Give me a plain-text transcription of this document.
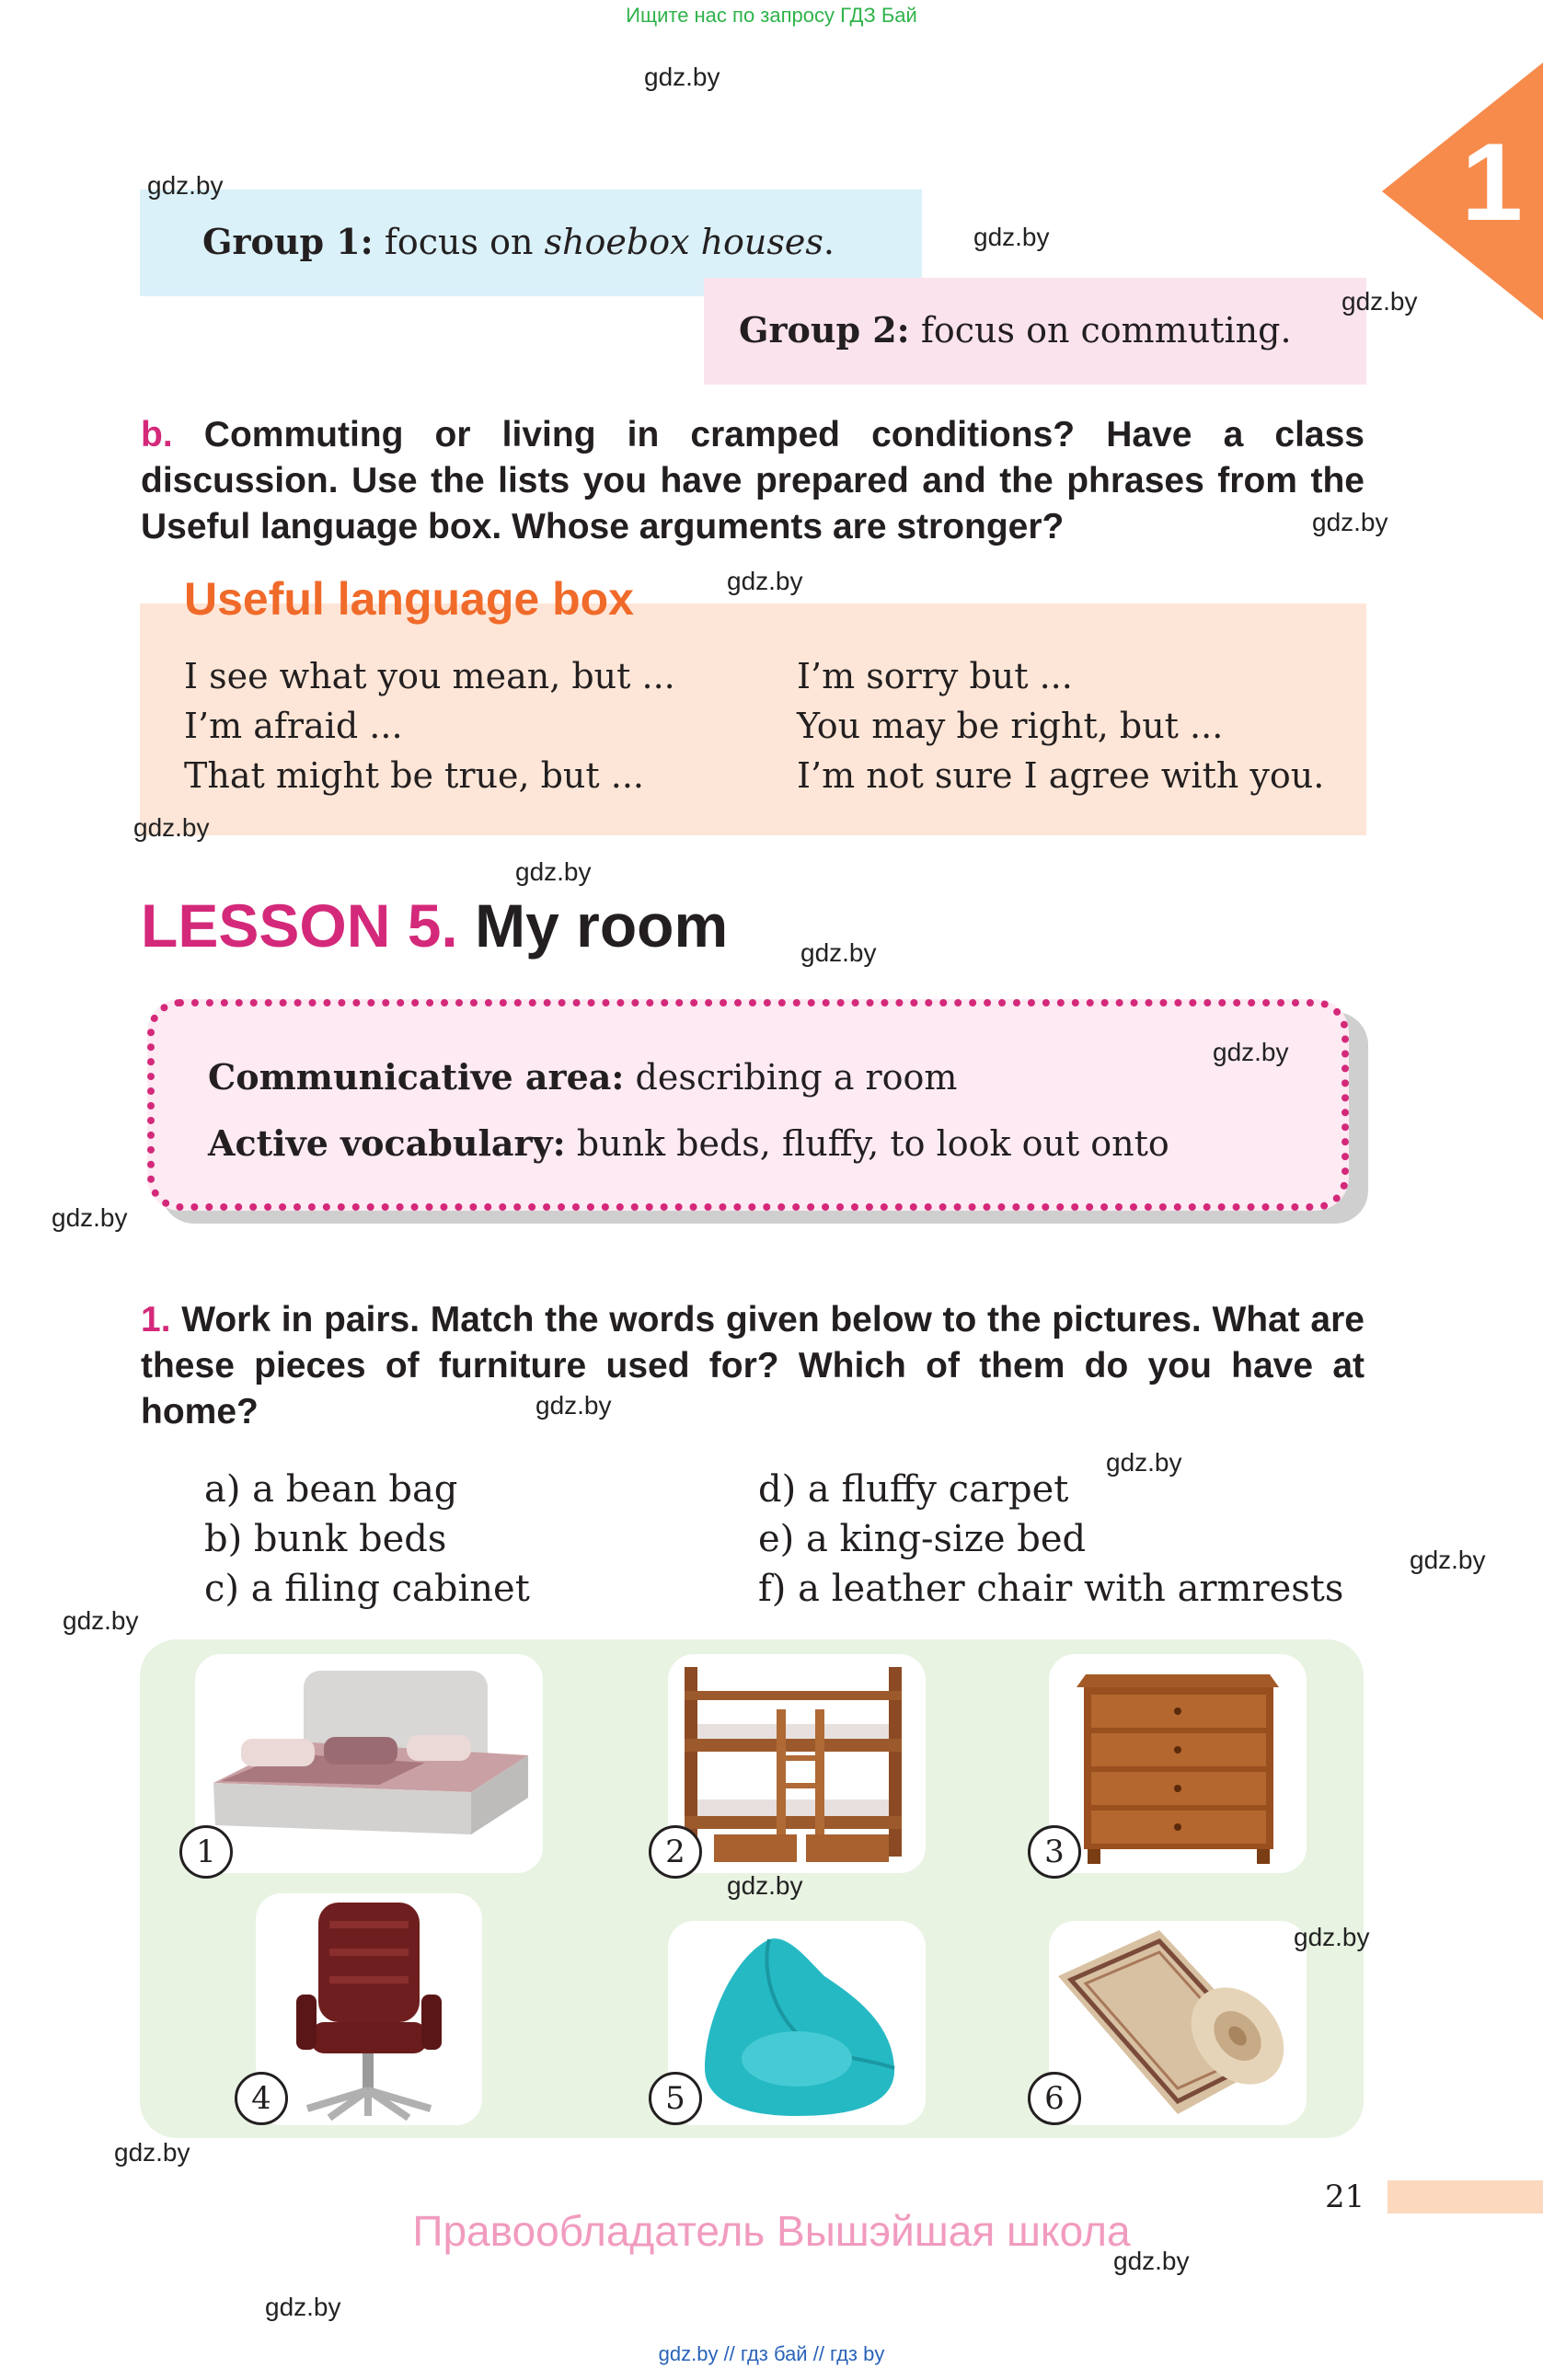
Ищите нас по запросу ГДЗ Бай
1
Group 1: focus on shoebox houses.
Group 2: focus on commuting.
b. Commuting or living in cramped conditions? Have a class discussion. Use the lists you have prepared and the phrases from the Useful language box. Whose arguments are stronger?
Useful language box
I see what you mean, but ...
I’m afraid ...
That might be true, but ...
I’m sorry but ...
You may be right, but ...
I’m not sure I agree with you.
LESSON 5. My room
Communicative area: describing a room
Active vocabulary: bunk beds, fluffy, to look out onto
1. Work in pairs. Match the words given below to the pictures. What are these pieces of furniture used for? Which of them do you have at home?
a) a bean bag
b) bunk beds
c) a filing cabinet
d) a fluffy carpet
e) a king-size bed
f) a leather chair with armrests
1	2	3
4	5	6
gdz.by
gdz.by
gdz.by
gdz.by
gdz.by
gdz.by
gdz.by
gdz.by
gdz.by
gdz.by
gdz.by
gdz.by
gdz.by
gdz.by
gdz.by
gdz.by
gdz.by
gdz.by
gdz.by
gdz.by
21
Правообладатель Вышэйшая школа
gdz.by // гдз бай // гдз by
